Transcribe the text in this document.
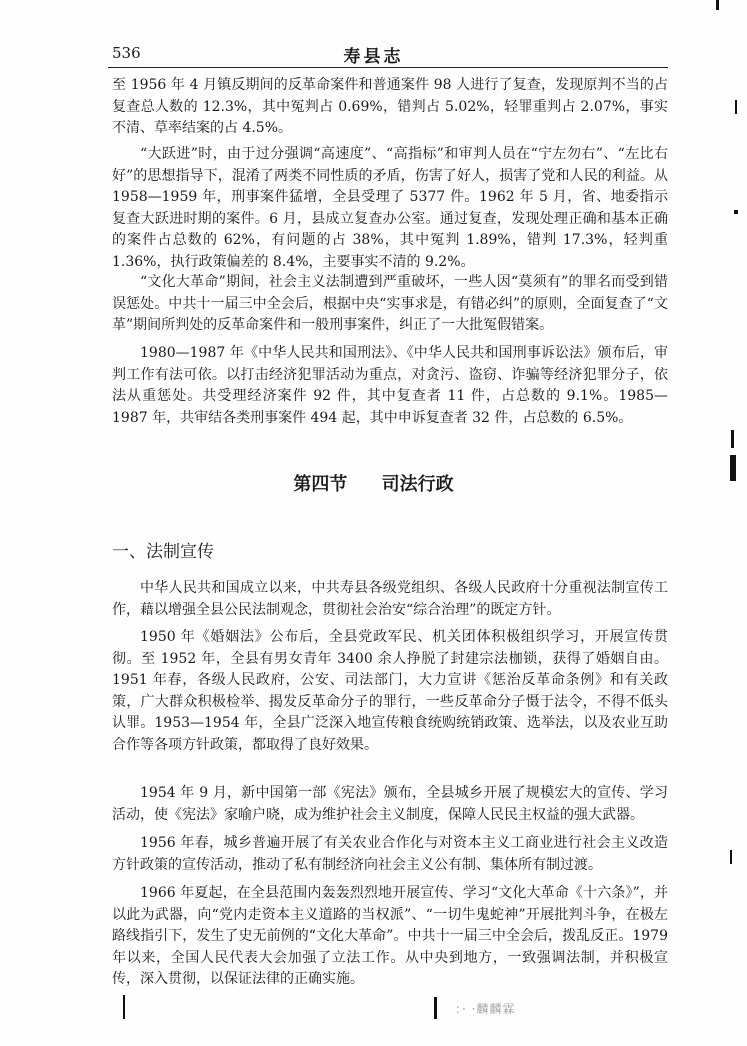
536	寿县志

至 1956 年 4 月镇反期间的反革命案件和普通案件 98 人进行了复查，发现原判不当的占复查总人数的 12.3%，其中冤判占 0.69%，错判占 5.02%，轻罪重判占 2.07%，事实不清、草率结案的占 4.5%。

“大跃进”时，由于过分强调“高速度”、“高指标”和审判人员在“宁左勿右”、“左比右好”的思想指导下，混淆了两类不同性质的矛盾，伤害了好人，损害了党和人民的利益。从 1958—1959 年，刑事案件猛增，全县受理了 5377 件。1962 年 5 月，省、地委指示复查大跃进时期的案件。6 月，县成立复查办公室。通过复查，发现处理正确和基本正确的案件占总数的 62%，有问题的占 38%，其中冤判 1.89%，错判 17.3%，轻判重 1.36%，执行政策偏差的 8.4%，主要事实不清的 9.2%。

“文化大革命”期间，社会主义法制遭到严重破坏，一些人因“莫须有”的罪名而受到错误惩处。中共十一届三中全会后，根据中央“实事求是，有错必纠”的原则，全面复查了“文革”期间所判处的反革命案件和一般刑事案件，纠正了一大批冤假错案。

1980—1987 年《中华人民共和国刑法》、《中华人民共和国刑事诉讼法》颁布后，审判工作有法可依。以打击经济犯罪活动为重点，对贪污、盗窃、诈骗等经济犯罪分子，依法从重惩处。共受理经济案件 92 件，其中复查者 11 件，占总数的 9.1%。1985—1987 年，共审结各类刑事案件 494 起，其中申诉复查者 32 件，占总数的 6.5%。

第四节 司法行政
一、法制宣传

中华人民共和国成立以来，中共寿县各级党组织、各级人民政府十分重视法制宣传工作，藉以增强全县公民法制观念，贯彻社会治安“综合治理”的既定方针。

1950 年《婚姻法》公布后，全县党政军民、机关团体积极组织学习，开展宣传贯彻。至 1952 年，全县有男女青年 3400 余人挣脱了封建宗法枷锁，获得了婚姻自由。1951 年春，各级人民政府，公安、司法部门，大力宣讲《惩治反革命条例》和有关政策，广大群众积极检举、揭发反革命分子的罪行，一些反革命分子慑于法令，不得不低头认罪。1953—1954 年，全县广泛深入地宣传粮食统购统销政策、选举法，以及农业互助合作等各项方针政策，都取得了良好效果。

1954 年 9 月，新中国第一部《宪法》颁布，全县城乡开展了规模宏大的宣传、学习活动，使《宪法》家喻户晓，成为维护社会主义制度，保障人民民主权益的强大武器。

1956 年春，城乡普遍开展了有关农业合作化与对资本主义工商业进行社会主义改造方针政策的宣传活动，推动了私有制经济向社会主义公有制、集体所有制过渡。

1966 年夏起，在全县范围内轰轰烈烈地开展宣传、学习“文化大革命《十六条》”，并以此为武器，向“党内走资本主义道路的当权派”、“一切牛鬼蛇神”开展批判斗争，在极左路线指引下，发生了史无前例的“文化大革命”。中共十一届三中全会后，拨乱反正。1979 年以来，全国人民代表大会加强了立法工作。从中央到地方，一致强调法制，并积极宣传，深入贯彻，以保证法律的正确实施。

：· ·麟麟霖
